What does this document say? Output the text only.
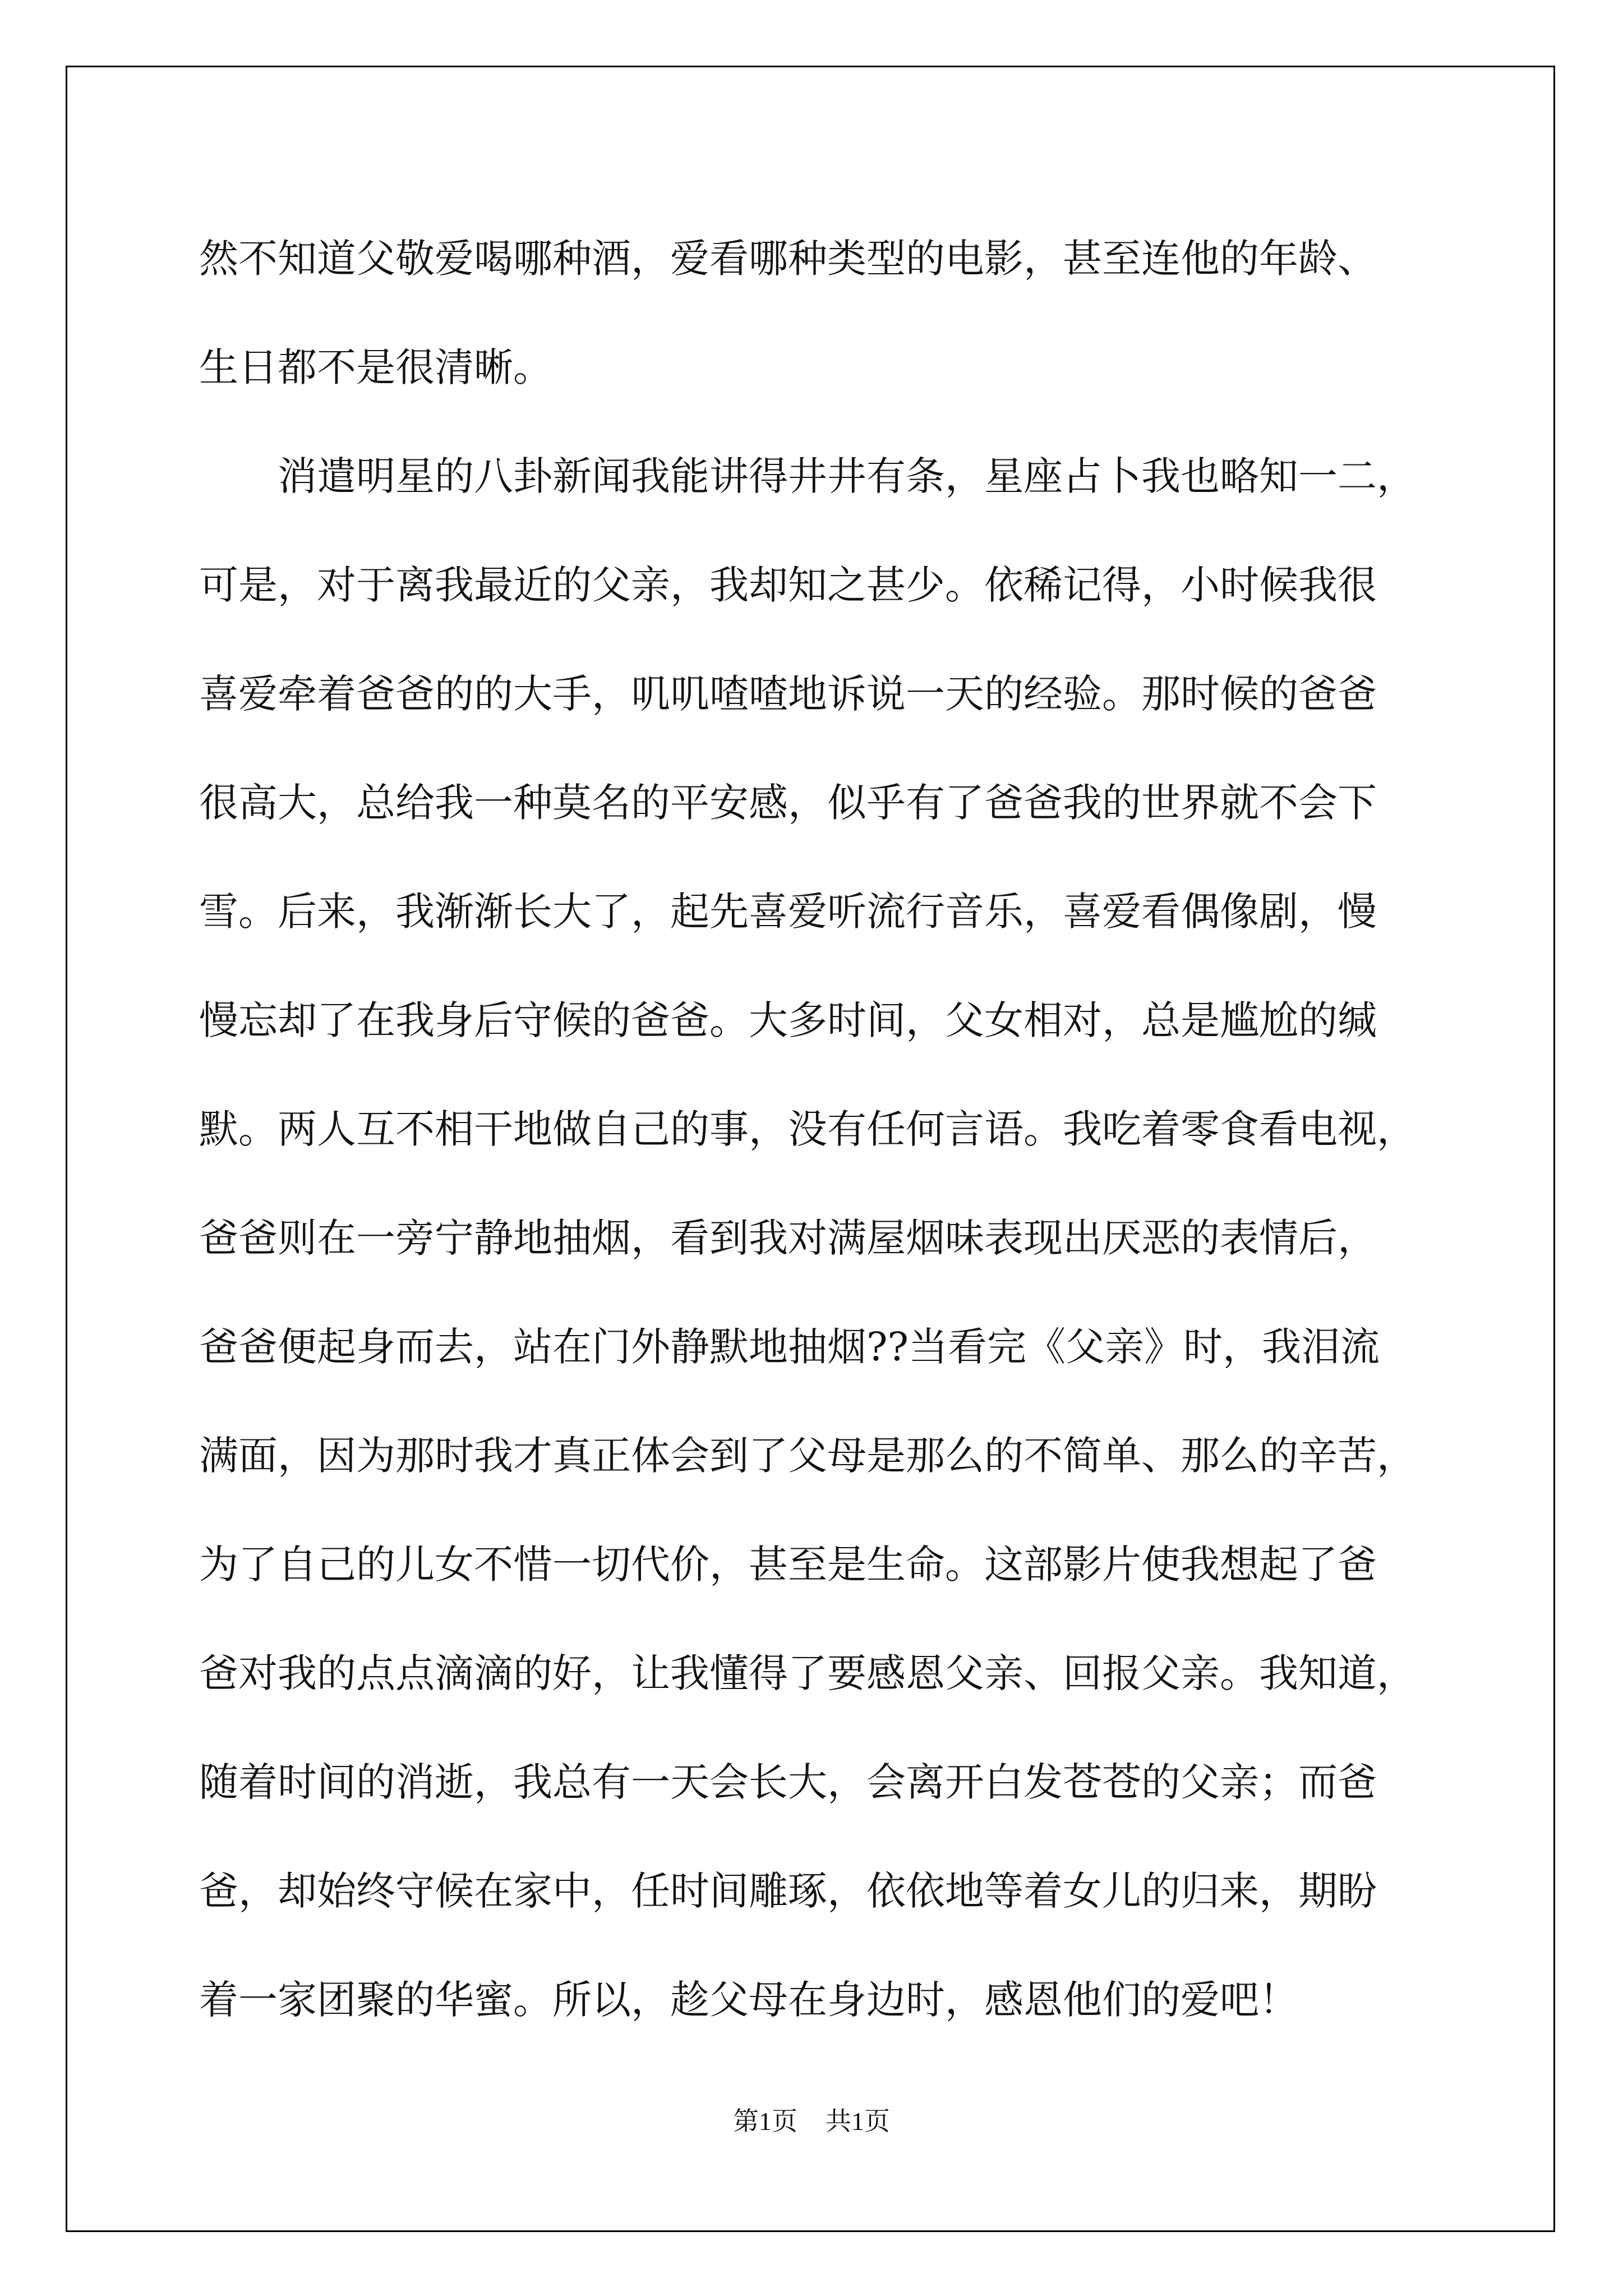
然不知道父敬爱喝哪种酒，爱看哪种类型的电影，甚至连他的年龄、
生日都不是很清晰。
　　消遣明星的八卦新闻我能讲得井井有条，星座占卜我也略知一二，
可是，对于离我最近的父亲，我却知之甚少。依稀记得，小时候我很
喜爱牵着爸爸的的大手，叽叽喳喳地诉说一天的经验。那时候的爸爸
很高大，总给我一种莫名的平安感，似乎有了爸爸我的世界就不会下
雪。后来，我渐渐长大了，起先喜爱听流行音乐，喜爱看偶像剧，慢
慢忘却了在我身后守候的爸爸。大多时间，父女相对，总是尴尬的缄
默。两人互不相干地做自己的事，没有任何言语。我吃着零食看电视，
爸爸则在一旁宁静地抽烟，看到我对满屋烟味表现出厌恶的表情后，
爸爸便起身而去，站在门外静默地抽烟??当看完《父亲》时，我泪流
满面，因为那时我才真正体会到了父母是那么的不简单、那么的辛苦，
为了自己的儿女不惜一切代价，甚至是生命。这部影片使我想起了爸
爸对我的点点滴滴的好，让我懂得了要感恩父亲、回报父亲。我知道，
随着时间的消逝，我总有一天会长大，会离开白发苍苍的父亲；而爸
爸，却始终守候在家中，任时间雕琢，依依地等着女儿的归来，期盼
着一家团聚的华蜜。所以，趁父母在身边时，感恩他们的爱吧！
第1页 共1页
